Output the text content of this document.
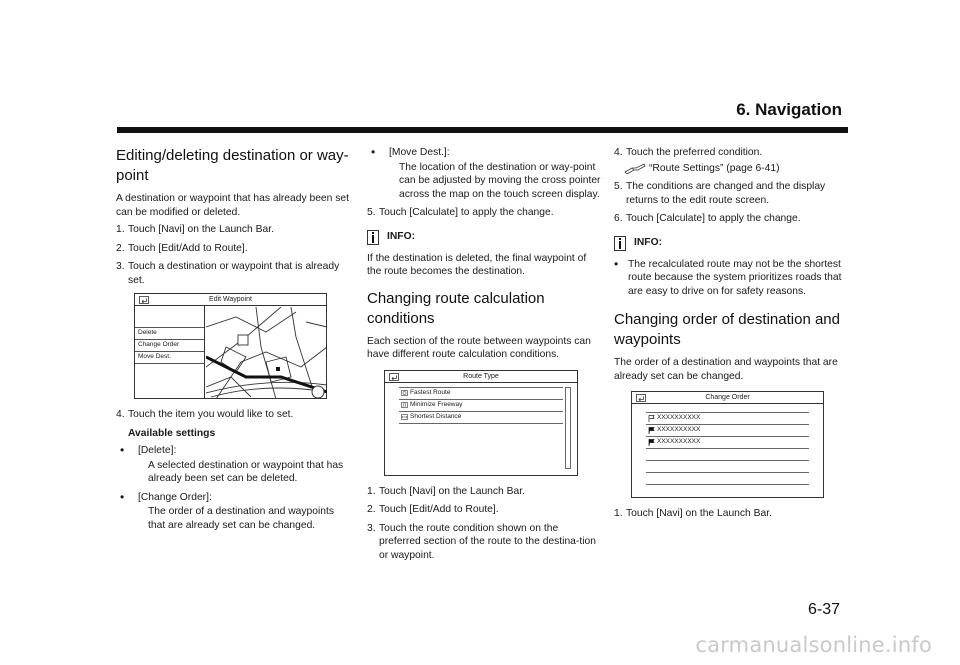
6. Navigation
Editing/deleting destination or way-point

A destination or waypoint that has already been set can be modified or deleted.

1. Touch [Navi] on the Launch Bar.
2. Touch [Edit/Add to Route].
3. Touch a destination or waypoint that is already set.
Edit Waypoint
Delete
Change Order
Move Dest.
4. Touch the item you would like to set.
Available settings
•	[Delete]:
A selected destination or waypoint that has already been set can be deleted.
•	[Change Order]:
The order of a destination and waypoints that are already set can be changed.
•	[Move Dest.]:
The location of the destination or way-point can be adjusted by moving the cross pointer across the map on the touch screen display.
5. Touch [Calculate] to apply the change.
INFO:

If the destination is deleted, the final waypoint of the route becomes the destination.

Changing route calculation conditions

Each section of the route between waypoints can have different route calculation conditions.

Route Type
Fastest Route
Minimize Freeway
Shortest Distance
1. Touch [Navi] on the Launch Bar.
2. Touch [Edit/Add to Route].
3. Touch the route condition shown on the preferred section of the route to the destina-tion or waypoint.
4. Touch the preferred condition.
“Route Settings” (page 6-41)
5. The conditions are changed and the display returns to the edit route screen.
6. Touch [Calculate] to apply the change.
INFO:
• The recalculated route may not be the shortest route because the system prioritizes roads that are easy to drive on for safety reasons.
Changing order of destination and waypoints

The order of a destination and waypoints that are already set can be changed.

Change Order
XXXXXXXXXX
XXXXXXXXXX
XXXXXXXXXX
1. Touch [Navi] on the Launch Bar.
6-37
carmanualsonline.info
